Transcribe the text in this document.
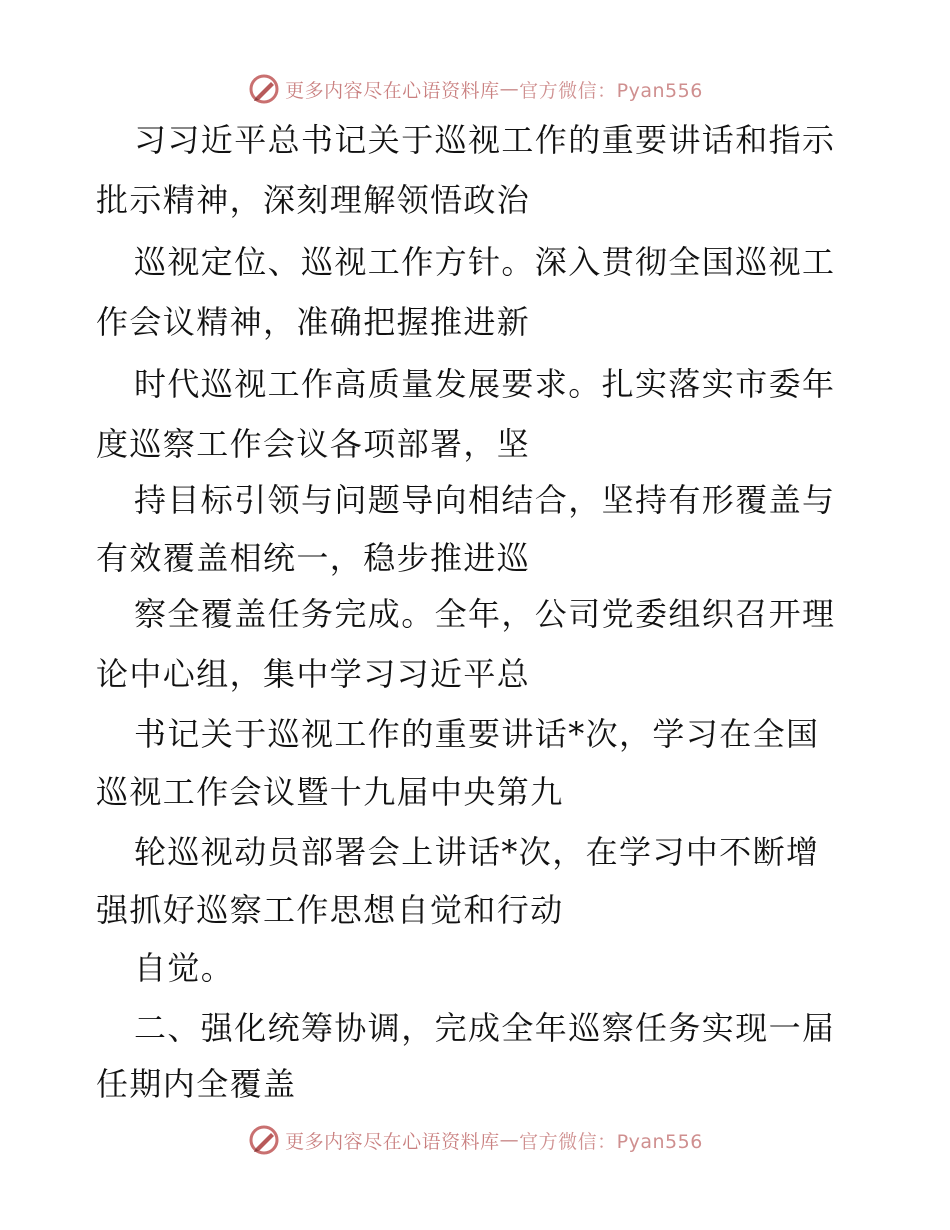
更多内容尽在心语资料库 — 官方微信：Pyan556
习习近平总书记关于巡视工作的重要讲话和指示
批示精神，深刻理解领悟政治
巡视定位、巡视工作方针。深入贯彻全国巡视工
作会议精神，准确把握推进新
时代巡视工作高质量发展要求。扎实落实市委年
度巡察工作会议各项部署，坚
持目标引领与问题导向相结合，坚持有形覆盖与
有效覆盖相统一，稳步推进巡
察全覆盖任务完成。全年，公司党委组织召开理
论中心组，集中学习习近平总
书记关于巡视工作的重要讲话*次，学习在全国
巡视工作会议暨十九届中央第九
轮巡视动员部署会上讲话*次，在学习中不断增
强抓好巡察工作思想自觉和行动
自觉。
二、强化统筹协调，完成全年巡察任务实现一届
任期内全覆盖
更多内容尽在心语资料库 — 官方微信：Pyan556
